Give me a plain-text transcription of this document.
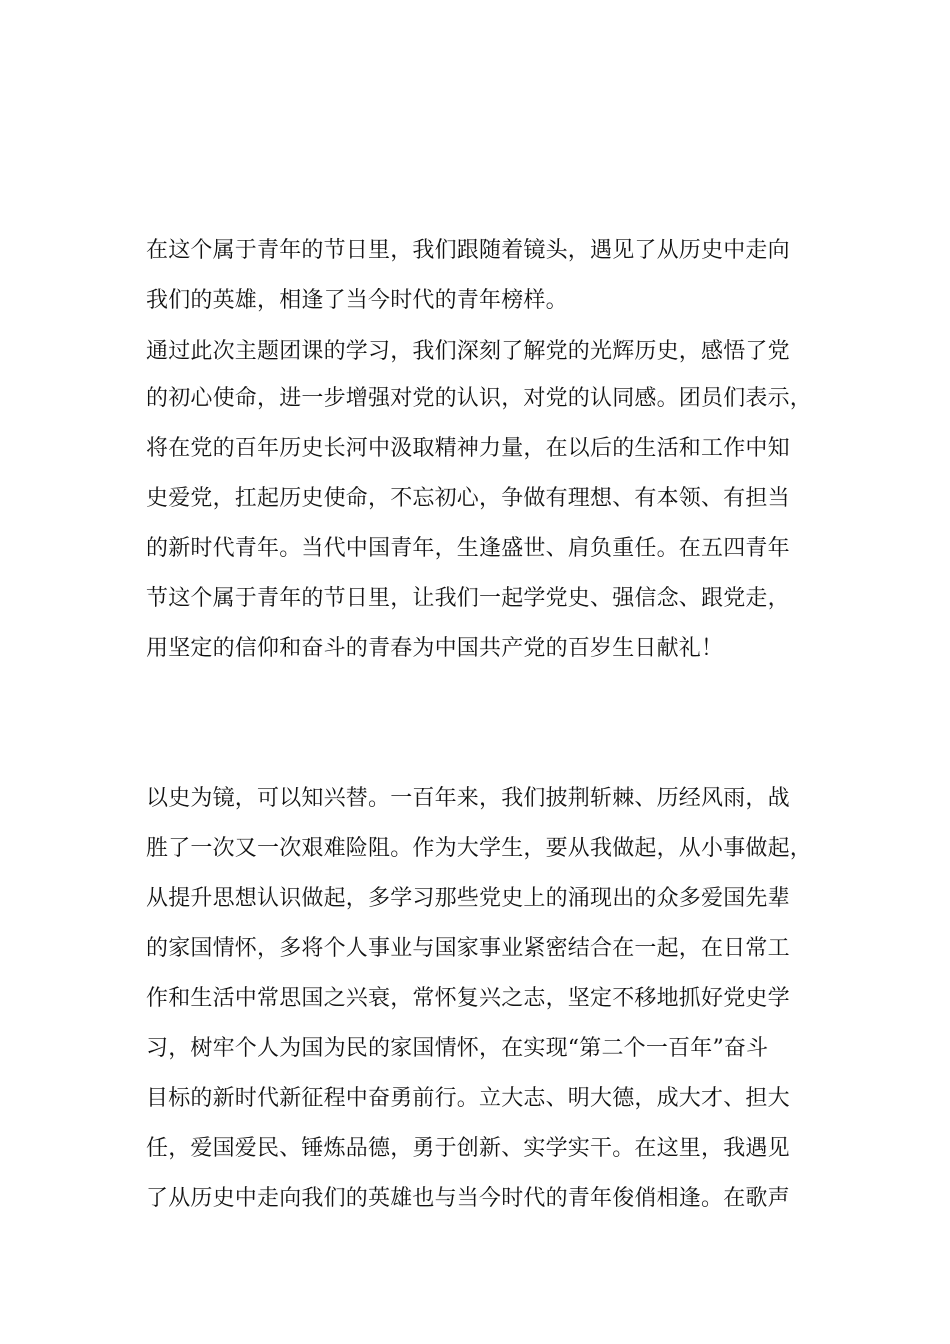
在这个属于青年的节日里，我们跟随着镜头，遇见了从历史中走向
我们的英雄，相逢了当今时代的青年榜样。
通过此次主题团课的学习，我们深刻了解党的光辉历史，感悟了党
的初心使命，进一步增强对党的认识，对党的认同感。团员们表示，
将在党的百年历史长河中汲取精神力量，在以后的生活和工作中知
史爱党，扛起历史使命，不忘初心，争做有理想、有本领、有担当
的新时代青年。当代中国青年，生逢盛世、肩负重任。在五四青年
节这个属于青年的节日里，让我们一起学党史、强信念、跟党走，
用坚定的信仰和奋斗的青春为中国共产党的百岁生日献礼！
以史为镜，可以知兴替。一百年来，我们披荆斩棘、历经风雨，战
胜了一次又一次艰难险阻。作为大学生，要从我做起，从小事做起，
从提升思想认识做起，多学习那些党史上的涌现出的众多爱国先辈
的家国情怀，多将个人事业与国家事业紧密结合在一起，在日常工
作和生活中常思国之兴衰，常怀复兴之志，坚定不移地抓好党史学
习，树牢个人为国为民的家国情怀，在实现“第二个一百年”奋斗
目标的新时代新征程中奋勇前行。立大志、明大德，成大才、担大
任，爱国爱民、锤炼品德，勇于创新、实学实干。在这里，我遇见
了从历史中走向我们的英雄也与当今时代的青年俊俏相逢。在歌声
